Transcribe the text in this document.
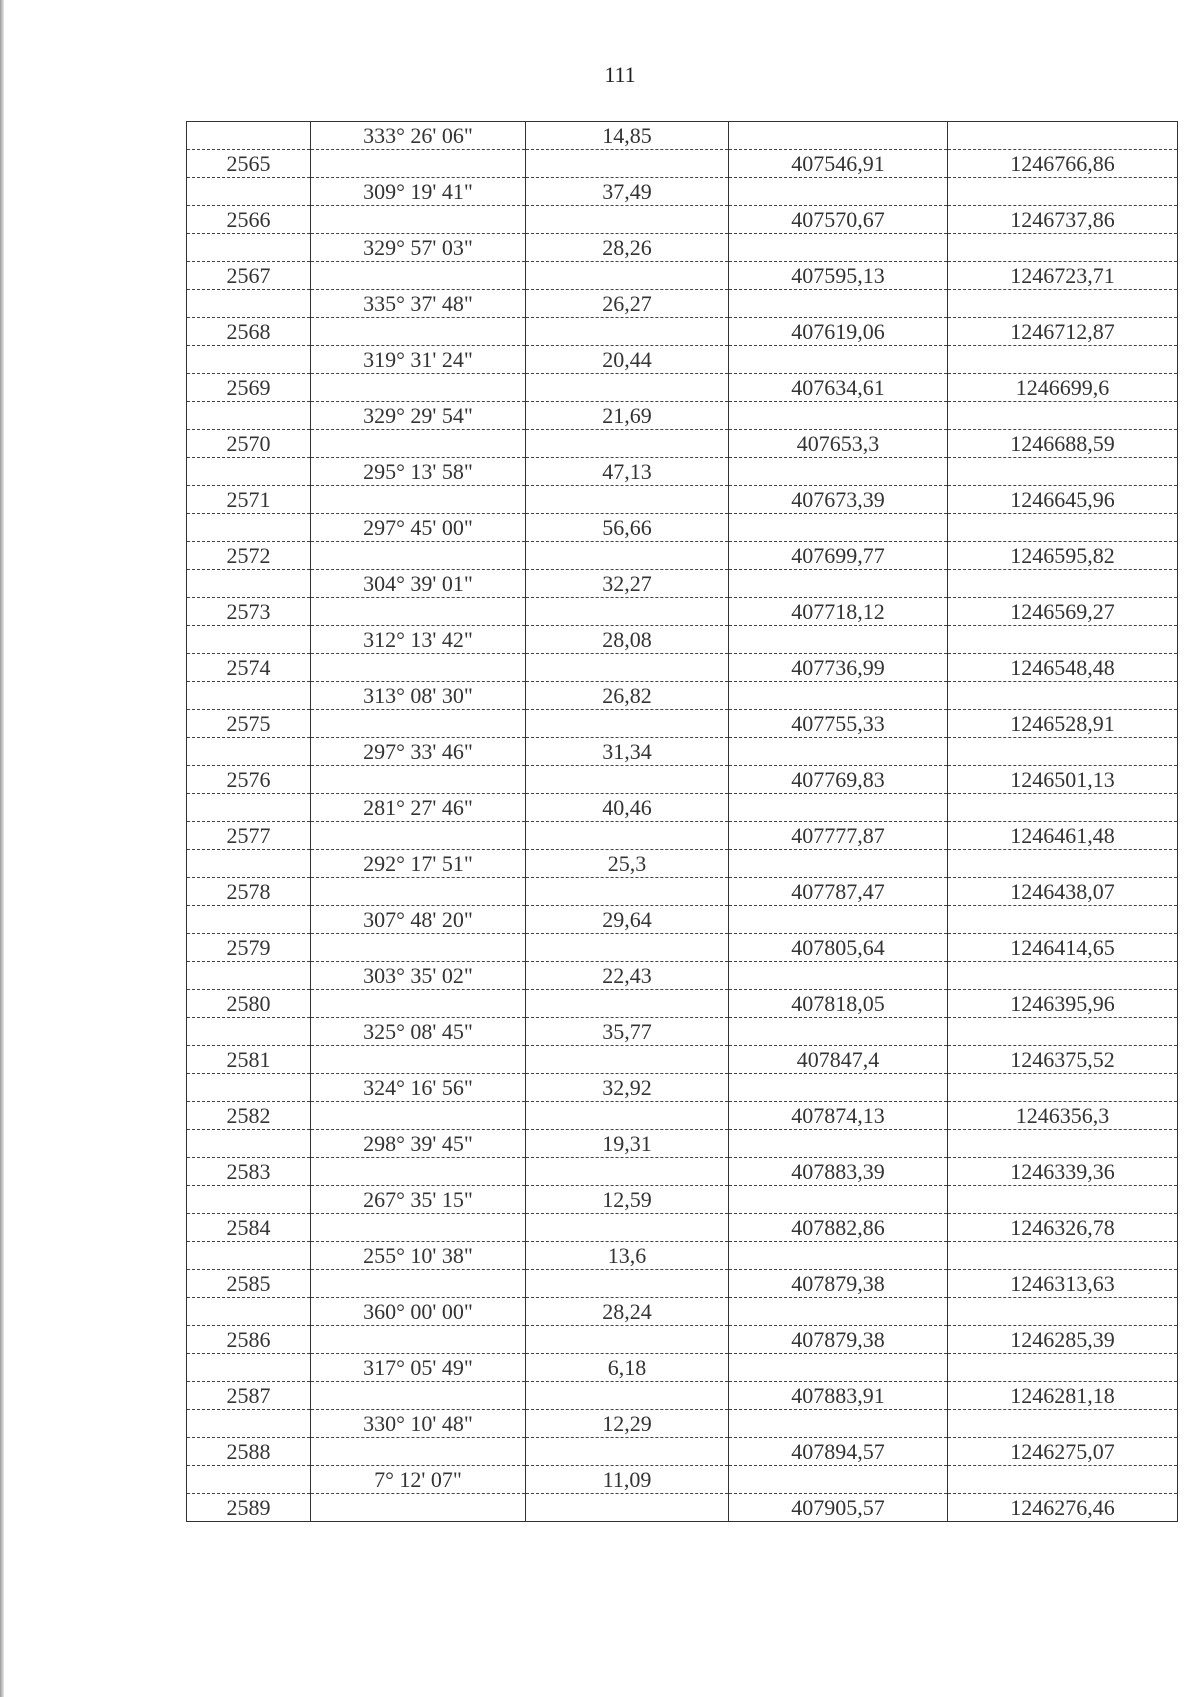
111
	333° 26' 06"	14,85		
2565			407546,91	1246766,86
	309° 19' 41"	37,49		
2566			407570,67	1246737,86
	329° 57' 03"	28,26		
2567			407595,13	1246723,71
	335° 37' 48"	26,27		
2568			407619,06	1246712,87
	319° 31' 24"	20,44		
2569			407634,61	1246699,6
	329° 29' 54"	21,69		
2570			407653,3	1246688,59
	295° 13' 58"	47,13		
2571			407673,39	1246645,96
	297° 45' 00"	56,66		
2572			407699,77	1246595,82
	304° 39' 01"	32,27		
2573			407718,12	1246569,27
	312° 13' 42"	28,08		
2574			407736,99	1246548,48
	313° 08' 30"	26,82		
2575			407755,33	1246528,91
	297° 33' 46"	31,34		
2576			407769,83	1246501,13
	281° 27' 46"	40,46		
2577			407777,87	1246461,48
	292° 17' 51"	25,3		
2578			407787,47	1246438,07
	307° 48' 20"	29,64		
2579			407805,64	1246414,65
	303° 35' 02"	22,43		
2580			407818,05	1246395,96
	325° 08' 45"	35,77		
2581			407847,4	1246375,52
	324° 16' 56"	32,92		
2582			407874,13	1246356,3
	298° 39' 45"	19,31		
2583			407883,39	1246339,36
	267° 35' 15"	12,59		
2584			407882,86	1246326,78
	255° 10' 38"	13,6		
2585			407879,38	1246313,63
	360° 00' 00"	28,24		
2586			407879,38	1246285,39
	317° 05' 49"	6,18		
2587			407883,91	1246281,18
	330° 10' 48"	12,29		
2588			407894,57	1246275,07
	7° 12' 07"	11,09		
2589			407905,57	1246276,46
